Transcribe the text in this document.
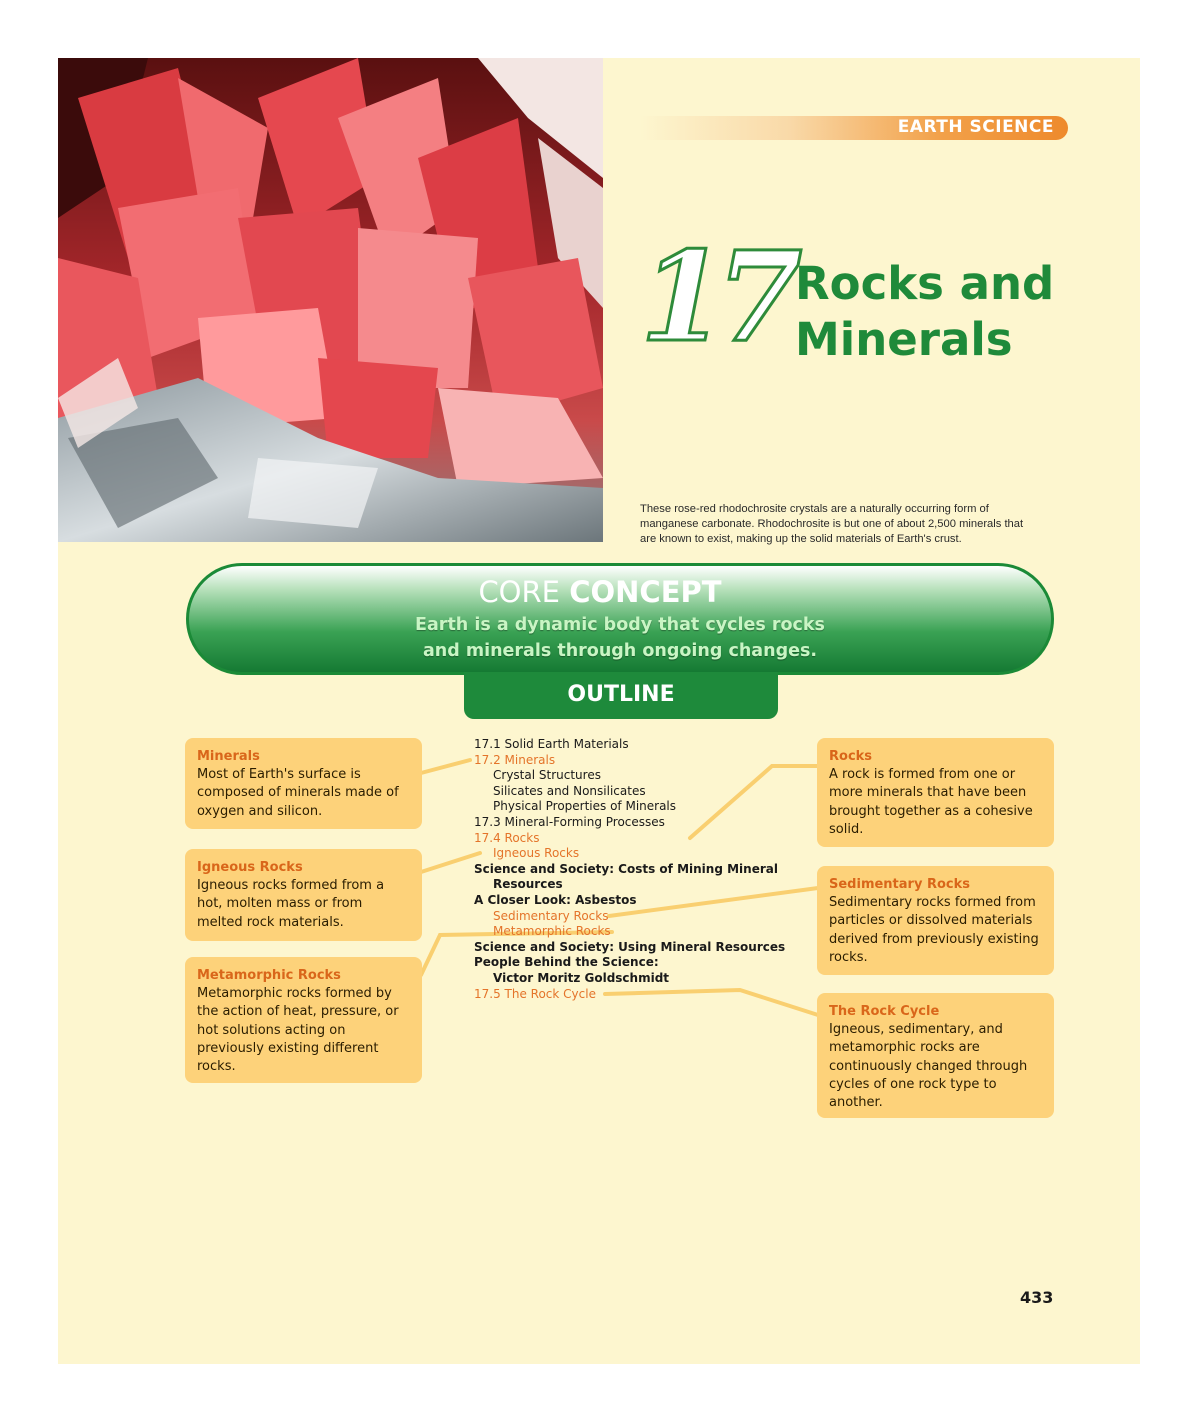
EARTH SCIENCE
17 Rocks and
Minerals
These rose-red rhodochrosite crystals are a naturally occurring form of manganese carbonate. Rhodochrosite is but one of about 2,500 minerals that are known to exist, making up the solid materials of Earth's crust.
CORE CONCEPT
Earth is a dynamic body that cycles rocks
and minerals through ongoing changes.
OUTLINE
Minerals
Most of Earth's surface is composed of minerals made of oxygen and silicon.
Igneous Rocks
Igneous rocks formed from a hot, molten mass or from melted rock materials.
Metamorphic Rocks
Metamorphic rocks formed by the action of heat, pressure, or hot solutions acting on previously existing different rocks.
Rocks
A rock is formed from one or more minerals that have been brought together as a cohesive solid.
Sedimentary Rocks
Sedimentary rocks formed from particles or dissolved materials derived from previously existing rocks.
The Rock Cycle
Igneous, sedimentary, and metamorphic rocks are continuously changed through cycles of one rock type to another.
17.1 Solid Earth Materials
17.2 Minerals
Crystal Structures
Silicates and Nonsilicates
Physical Properties of Minerals
17.3 Mineral-Forming Processes
17.4 Rocks
Igneous Rocks
Science and Society: Costs of Mining Mineral
Resources
A Closer Look: Asbestos
Sedimentary Rocks
Metamorphic Rocks
Science and Society: Using Mineral Resources
People Behind the Science:
Victor Moritz Goldschmidt
17.5 The Rock Cycle
433
